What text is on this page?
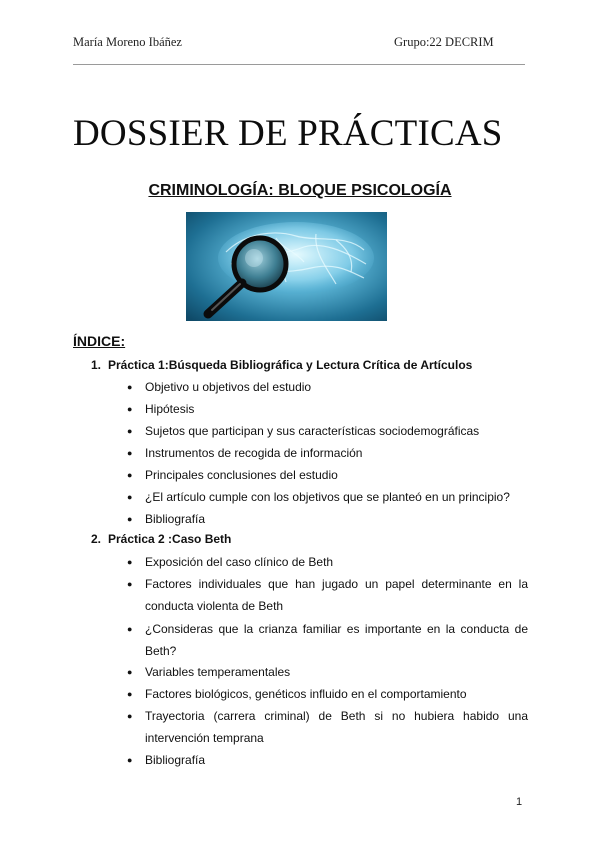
María Moreno Ibáñez	Grupo:22 DECRIM
DOSSIER DE PRÁCTICAS
CRIMINOLOGÍA: BLOQUE PSICOLOGÍA
ÍNDICE:
1. Práctica 1:Búsqueda Bibliográfica y Lectura Crítica de Artículos
● Objetivo u objetivos del estudio
● Hipótesis
● Sujetos que participan y sus características sociodemográficas
● Instrumentos de recogida de información
● Principales conclusiones del estudio
● ¿El artículo cumple con los objetivos que se planteó en un principio?
● Bibliografía
2. Práctica 2 :Caso Beth
● Exposición del caso clínico de Beth
● Factores individuales que han jugado un papel determinante en la conducta violenta de Beth
● ¿Consideras que la crianza familiar es importante en la conducta de Beth?
● Variables temperamentales
● Factores biológicos, genéticos influido en el comportamiento
● Trayectoria (carrera criminal) de Beth si no hubiera habido una intervención temprana
● Bibliografía
1
